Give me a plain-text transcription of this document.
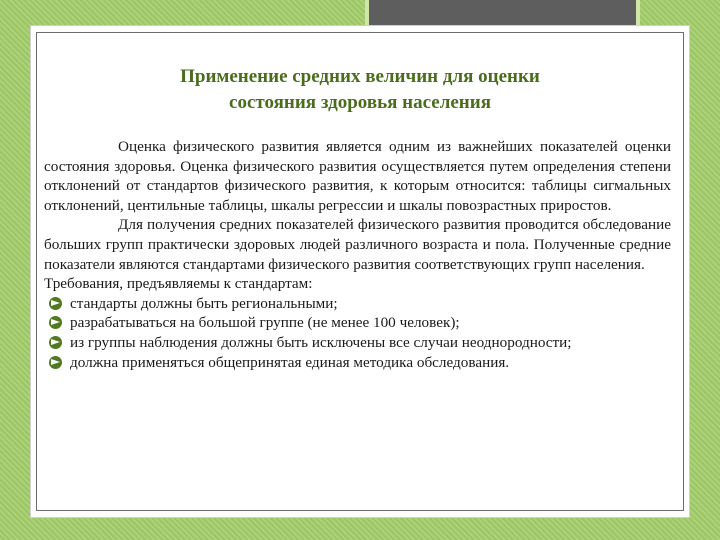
Применение средних величин для оценки
состояния здоровья населения

Оценка физического развития является одним из важнейших показателей оценки состояния здоровья. Оценка физического развития осуществляется путем определения степени отклонений от стандартов физического развития, к которым относится: таблицы сигмальных отклонений, центильные таблицы, шкалы регрессии и шкалы повозрастных приростов.

Для получения средних показателей физического развития проводится обследование больших групп практически здоровых людей различного возраста и пола. Полученные средние показатели являются стандартами физического развития соответствующих групп населения.

Требования, предъявляемы к стандартам:

стандарты должны быть региональными;
разрабатываться на большой группе (не менее 100 человек);
из группы наблюдения должны быть исключены все случаи неоднородности;
должна применяться общепринятая единая методика обследования.
